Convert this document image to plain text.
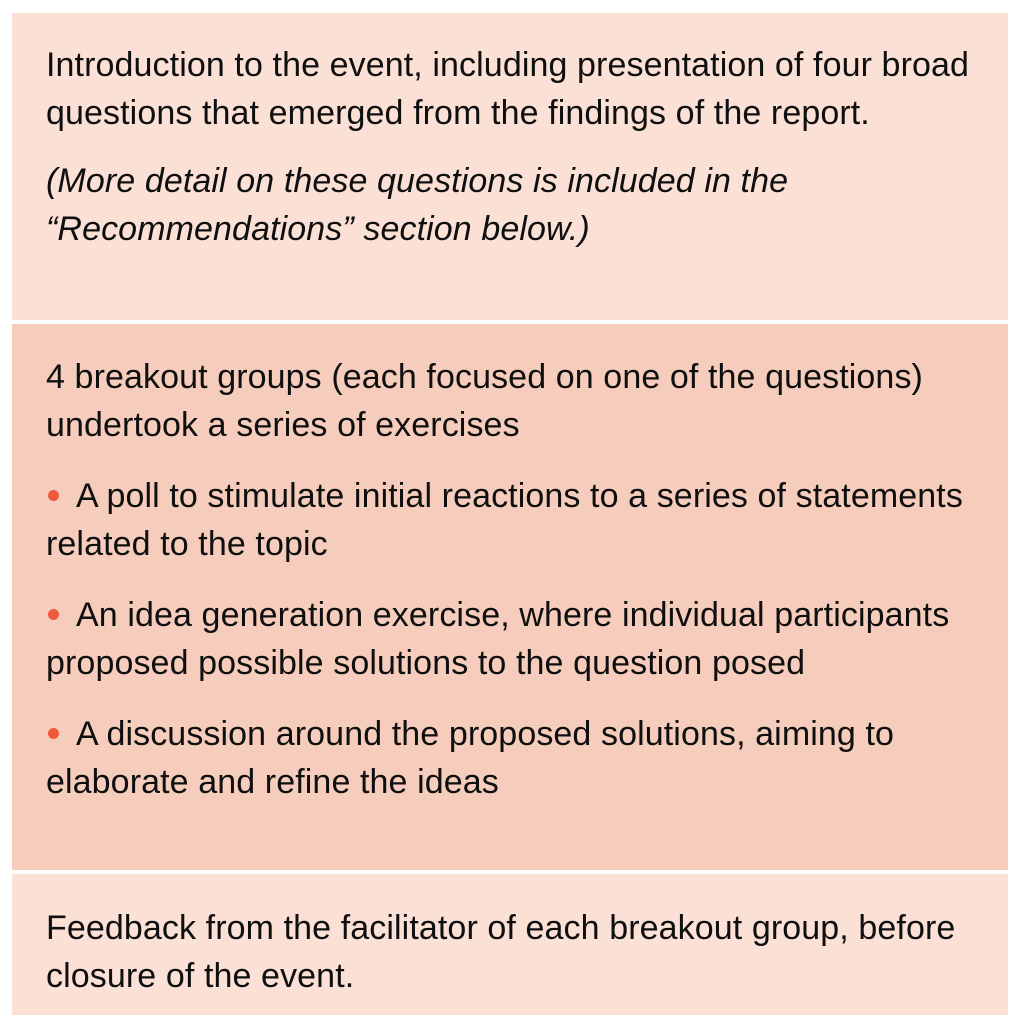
Introduction to the event, including presentation of four broad questions that emerged from the findings of the report.

(More detail on these questions is included in the “Recommendations” section below.)

4 breakout groups (each focused on one of the questions) undertook a series of exercises

A poll to stimulate initial reactions to a series of statements related to the topic

An idea generation exercise, where individual participants proposed possible solutions to the question posed

A discussion around the proposed solutions, aiming to elaborate and refine the ideas

Feedback from the facilitator of each breakout group, before closure of the event.
